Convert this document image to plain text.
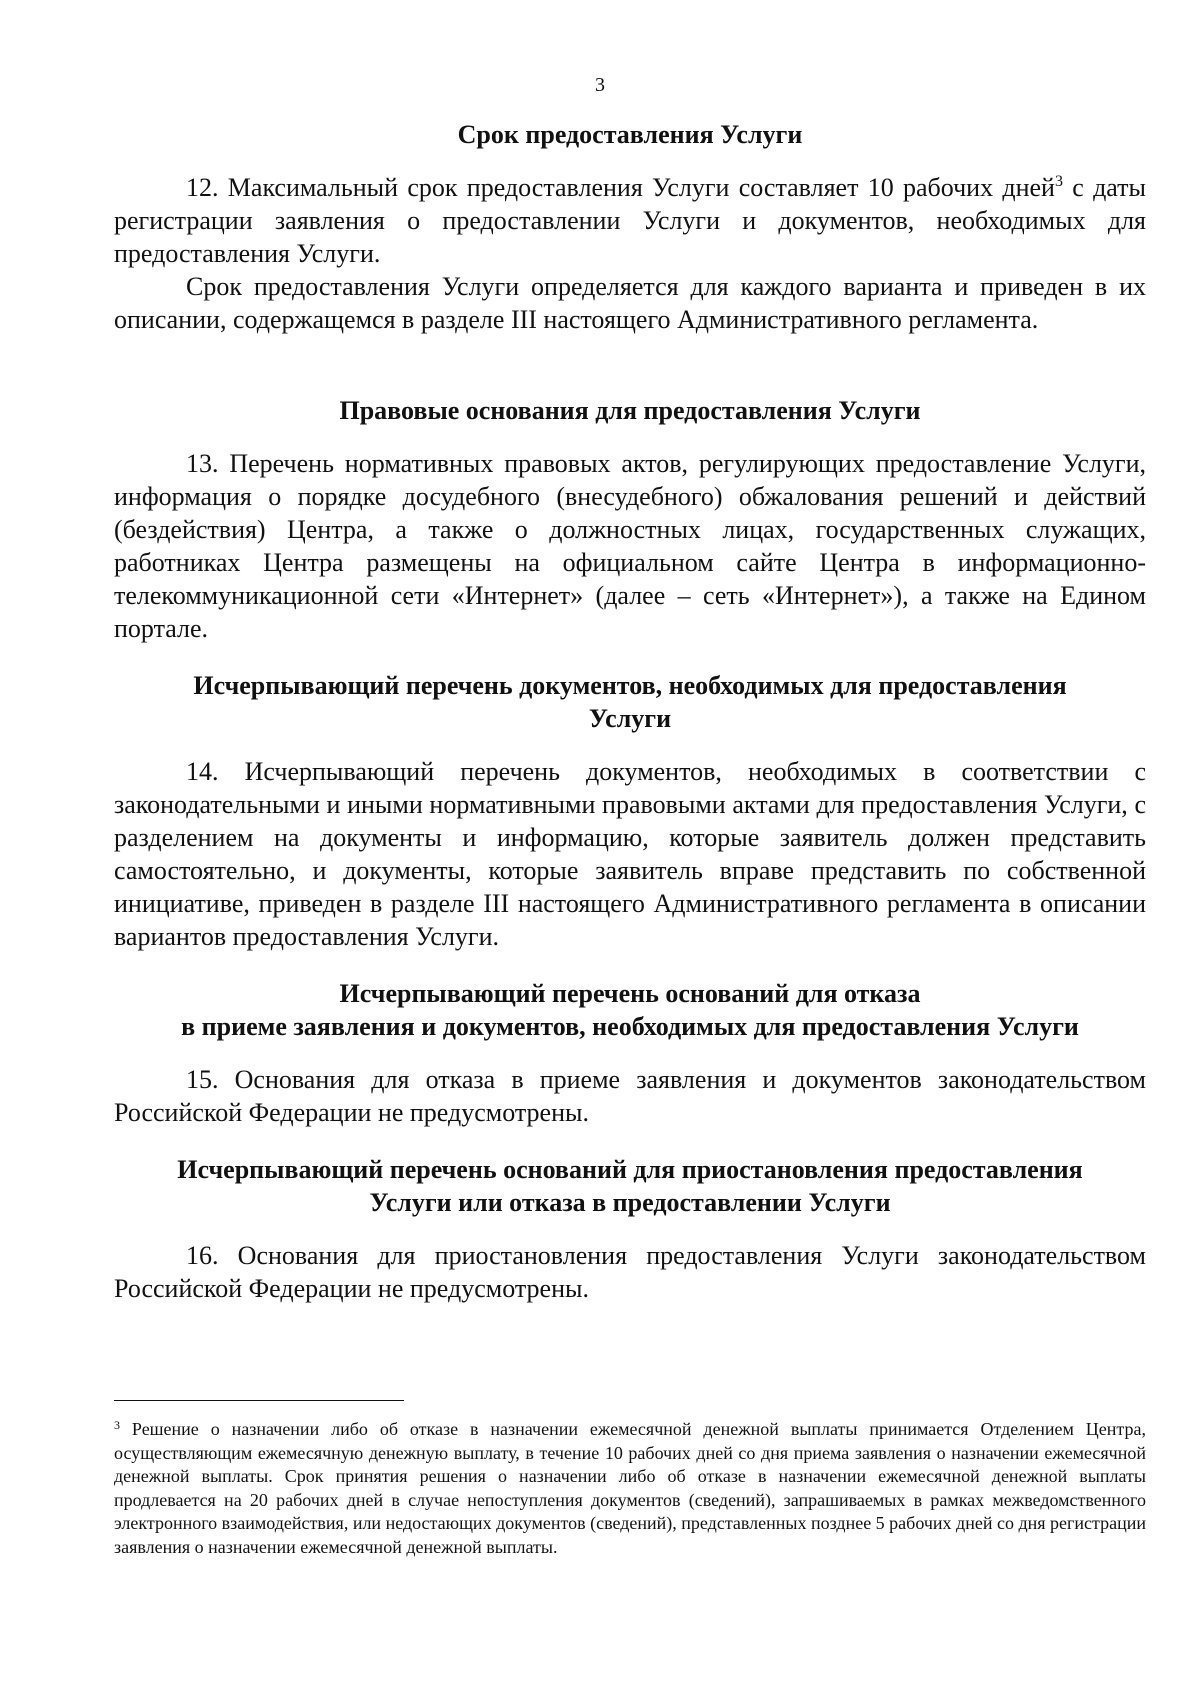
3

Срок предоставления Услуги

12. Максимальный срок предоставления Услуги составляет 10 рабочих дней$^3$ с даты регистрации заявления о предоставлении Услуги и документов, необходимых для предоставления Услуги.

Срок предоставления Услуги определяется для каждого варианта и приведен в их описании, содержащемся в разделе III настоящего Административного регламента.

Правовые основания для предоставления Услуги

13. Перечень нормативных правовых актов, регулирующих предоставление Услуги, информация о порядке досудебного (внесудебного) обжалования решений и действий (бездействия) Центра, а также о должностных лицах, государственных служащих, работниках Центра размещены на официальном сайте Центра в информационно-телекоммуникационной сети «Интернет» (далее – сеть «Интернет»), а также на Едином портале.

Исчерпывающий перечень документов, необходимых для предоставления

Услуги

14. Исчерпывающий перечень документов, необходимых в соответствии с законодательными и иными нормативными правовыми актами для предоставления Услуги, с разделением на документы и информацию, которые заявитель должен представить самостоятельно, и документы, которые заявитель вправе представить по собственной инициативе, приведен в разделе III настоящего Административного регламента в описании вариантов предоставления Услуги.

Исчерпывающий перечень оснований для отказа

в приеме заявления и документов, необходимых для предоставления Услуги

15. Основания для отказа в приеме заявления и документов законодательством Российской Федерации не предусмотрены.

Исчерпывающий перечень оснований для приостановления предоставления

Услуги или отказа в предоставлении Услуги

16. Основания для приостановления предоставления Услуги законодательством Российской Федерации не предусмотрены.

$^3$ Решение о назначении либо об отказе в назначении ежемесячной денежной выплаты принимается Отделением Центра, осуществляющим ежемесячную денежную выплату, в течение 10 рабочих дней со дня приема заявления о назначении ежемесячной денежной выплаты. Срок принятия решения о назначении либо об отказе в назначении ежемесячной денежной выплаты продлевается на 20 рабочих дней в случае непоступления документов (сведений), запрашиваемых в рамках межведомственного электронного взаимодействия, или недостающих документов (сведений), представленных позднее 5 рабочих дней со дня регистрации заявления о назначении ежемесячной денежной выплаты.
